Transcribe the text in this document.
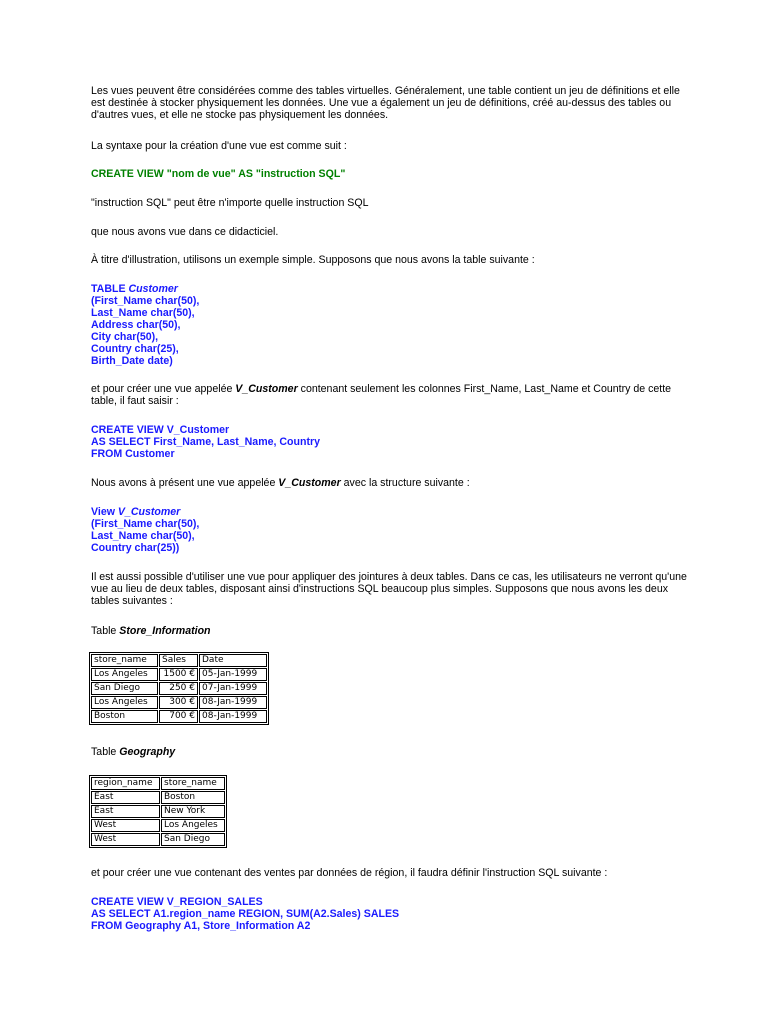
Les vues peuvent être considérées comme des tables virtuelles. Généralement, une table contient un jeu de définitions et elle est destinée à stocker physiquement les données. Une vue a également un jeu de définitions, créé au-dessus des tables ou d'autres vues, et elle ne stocke pas physiquement les données.

La syntaxe pour la création d'une vue est comme suit :

CREATE VIEW "nom de vue" AS "instruction SQL"

"instruction SQL" peut être n'importe quelle instruction SQL

que nous avons vue dans ce didacticiel.

À titre d'illustration, utilisons un exemple simple. Supposons que nous avons la table suivante :

TABLE Customer
(First_Name char(50),
Last_Name char(50),
Address char(50),
City char(50),
Country char(25),
Birth_Date date)

et pour créer une vue appelée V_Customer contenant seulement les colonnes First_Name, Last_Name et Country de cette table, il faut saisir :

CREATE VIEW V_Customer
AS SELECT First_Name, Last_Name, Country
FROM Customer

Nous avons à présent une vue appelée V_Customer avec la structure suivante :

View V_Customer
(First_Name char(50),
Last_Name char(50),
Country char(25))

Il est aussi possible d'utiliser une vue pour appliquer des jointures à deux tables. Dans ce cas, les utilisateurs ne verront qu'une vue au lieu de deux tables, disposant ainsi d'instructions SQL beaucoup plus simples. Supposons que nous avons les deux tables suivantes :

Table Store_Information

store_name	Sales	Date
Los Angeles	1500 €	05-Jan-1999
San Diego	250 €	07-Jan-1999
Los Angeles	300 €	08-Jan-1999
Boston	700 €	08-Jan-1999

Table Geography

region_name	store_name
East	Boston
East	New York
West	Los Angeles
West	San Diego

et pour créer une vue contenant des ventes par données de région, il faudra définir l'instruction SQL suivante :

CREATE VIEW V_REGION_SALES
AS SELECT A1.region_name REGION, SUM(A2.Sales) SALES
FROM Geography A1, Store_Information A2
